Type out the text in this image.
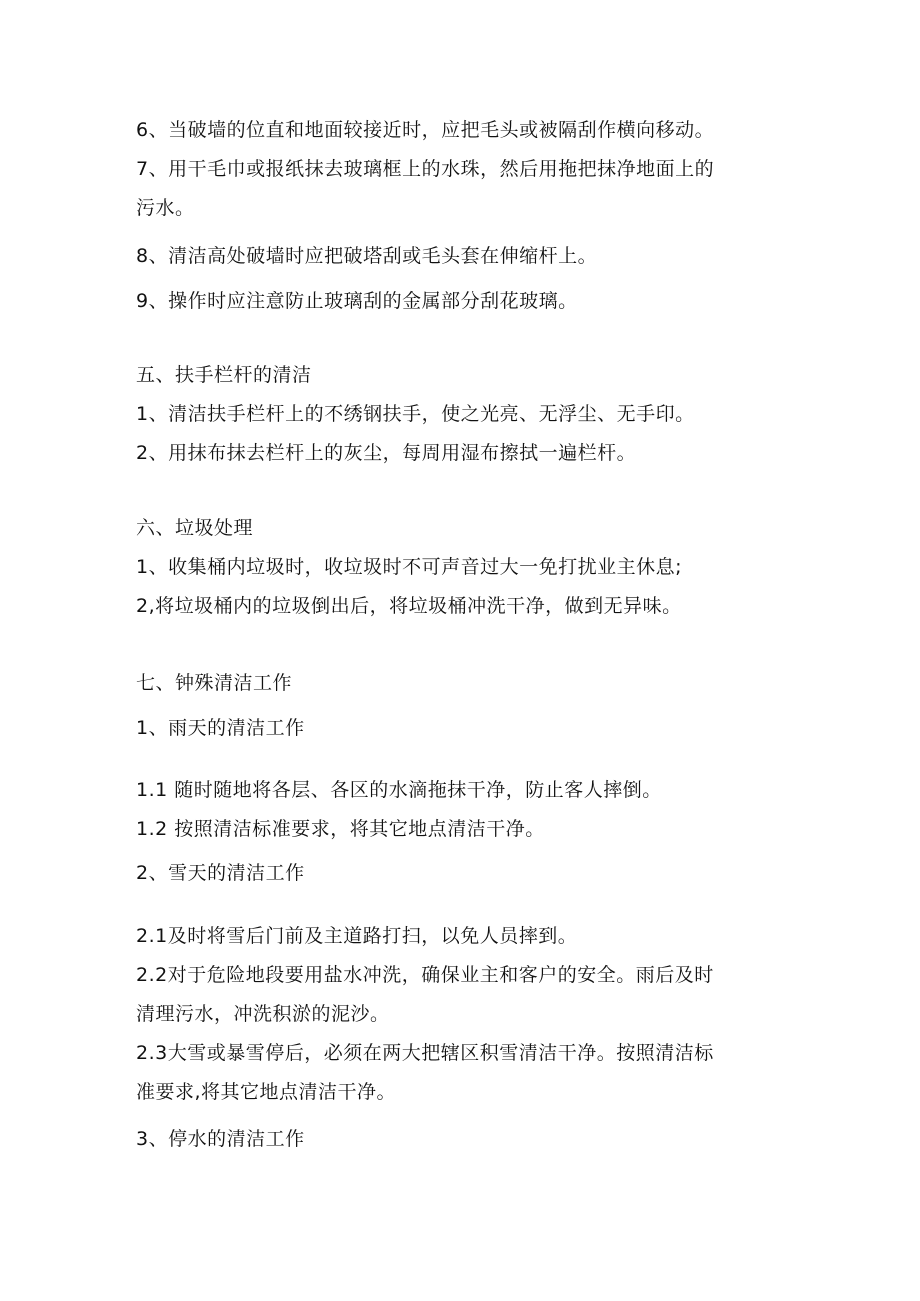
6、当破墙的位直和地面较接近时，应把毛头或被隔刮作横向移动。
7、用干毛巾或报纸抹去玻璃框上的水珠，然后用拖把抹净地面上的
污水。
8、清洁高处破墙时应把破塔刮或毛头套在伸缩杆上。
9、操作时应注意防止玻璃刮的金属部分刮花玻璃。
五、扶手栏杆的清洁
1、清洁扶手栏杆上的不绣钢扶手，使之光亮、无浮尘、无手印。
2、用抹布抹去栏杆上的灰尘，每周用湿布擦拭一遍栏杆。
六、垃圾处理
1、收集桶内垃圾时，收垃圾时不可声音过大一免打扰业主休息;
2,将垃圾桶内的垃圾倒出后，将垃圾桶冲洗干净，做到无异味。
七、钟殊清洁工作
1、雨天的清洁工作
1.1 随时随地将各层、各区的水滴拖抹干净，防止客人摔倒。
1.2 按照清洁标准要求，将其它地点清洁干净。
2、雪天的清洁工作
2.1及时将雪后门前及主道路打扫，以免人员摔到。
2.2对于危险地段要用盐水冲洗，确保业主和客户的安全。雨后及时
清理污水，冲洗积淤的泥沙。
2.3大雪或暴雪停后，必须在两大把辖区积雪清洁干净。按照清洁标
准要求,将其它地点清洁干净。
3、停水的清洁工作
